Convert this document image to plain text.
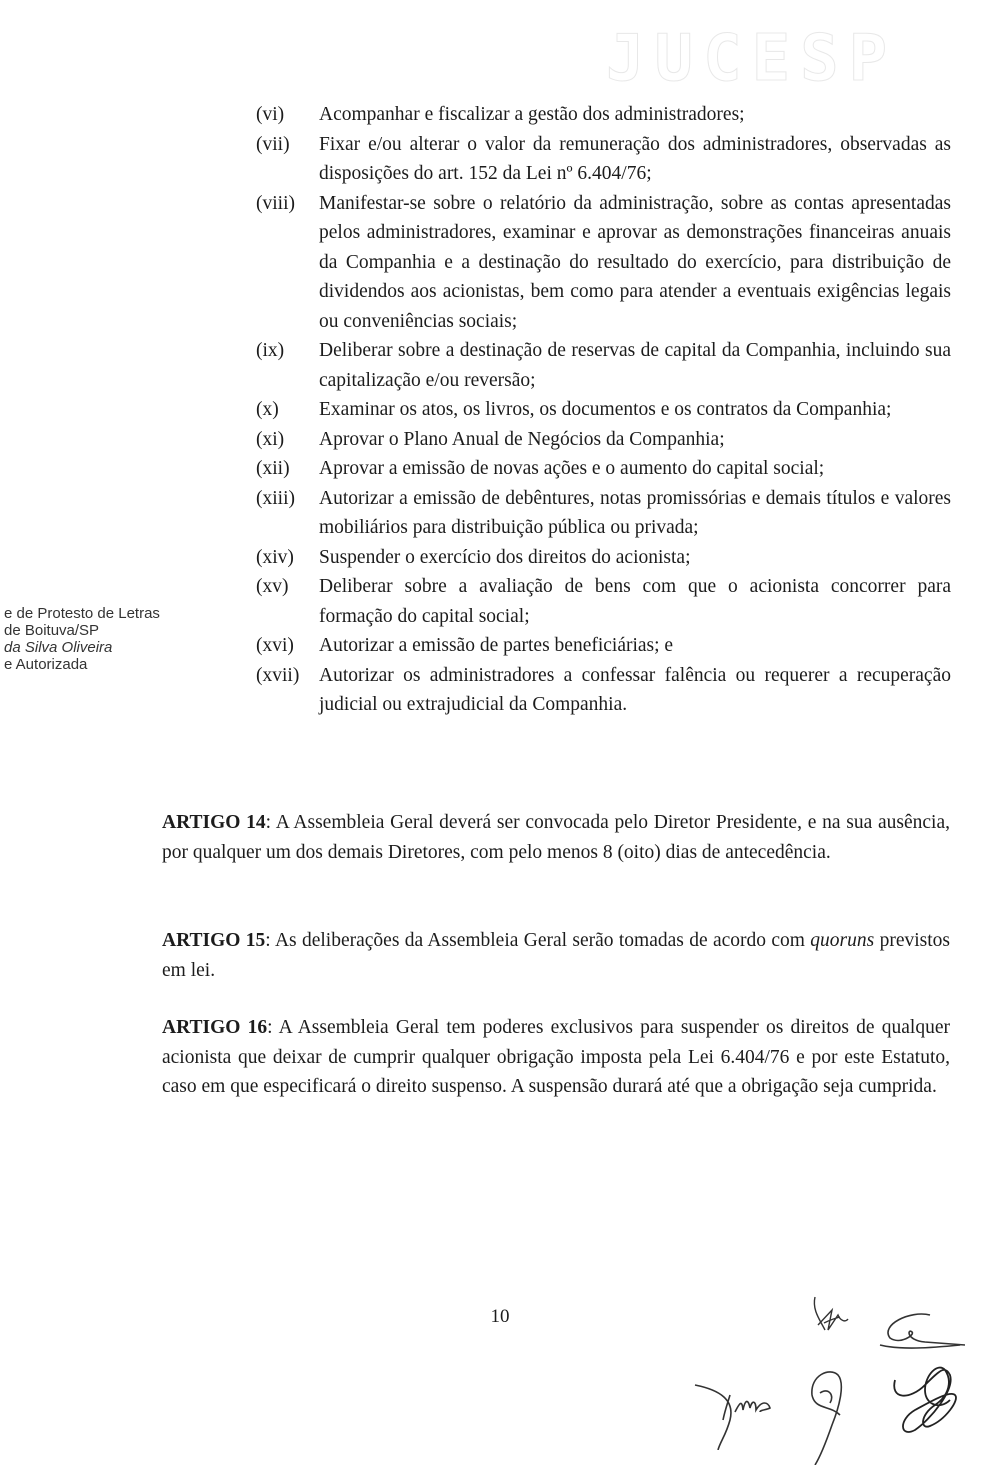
JUCESP
e de Protesto de Letras
de Boituva/SP
da Silva Oliveira
e Autorizada
(vi)	Acompanhar e fiscalizar a gestão dos administradores;
(vii)	Fixar e/ou alterar o valor da remuneração dos administradores, observadas as disposições do art. 152 da Lei nº 6.404/76;
(viii)	Manifestar-se sobre o relatório da administração, sobre as contas apresentadas pelos administradores, examinar e aprovar as demonstrações financeiras anuais da Companhia e a destinação do resultado do exercício, para distribuição de dividendos aos acionistas, bem como para atender a eventuais exigências legais ou conveniências sociais;
(ix)	Deliberar sobre a destinação de reservas de capital da Companhia, incluindo sua capitalização e/ou reversão;
(x)	Examinar os atos, os livros, os documentos e os contratos da Companhia;
(xi)	Aprovar o Plano Anual de Negócios da Companhia;
(xii)	Aprovar a emissão de novas ações e o aumento do capital social;
(xiii)	Autorizar a emissão de debêntures, notas promissórias e demais títulos e valores mobiliários para distribuição pública ou privada;
(xiv)	Suspender o exercício dos direitos do acionista;
(xv)	Deliberar sobre a avaliação de bens com que o acionista concorrer para formação do capital social;
(xvi)	Autorizar a emissão de partes beneficiárias; e
(xvii)	Autorizar os administradores a confessar falência ou requerer a recuperação judicial ou extrajudicial da Companhia.
ARTIGO 14: A Assembleia Geral deverá ser convocada pelo Diretor Presidente, e na sua ausência, por qualquer um dos demais Diretores, com pelo menos 8 (oito) dias de antecedência.
ARTIGO 15: As deliberações da Assembleia Geral serão tomadas de acordo com quoruns previstos em lei.
ARTIGO 16: A Assembleia Geral tem poderes exclusivos para suspender os direitos de qualquer acionista que deixar de cumprir qualquer obrigação imposta pela Lei 6.404/76 e por este Estatuto, caso em que especificará o direito suspenso. A suspensão durará até que a obrigação seja cumprida.
10
